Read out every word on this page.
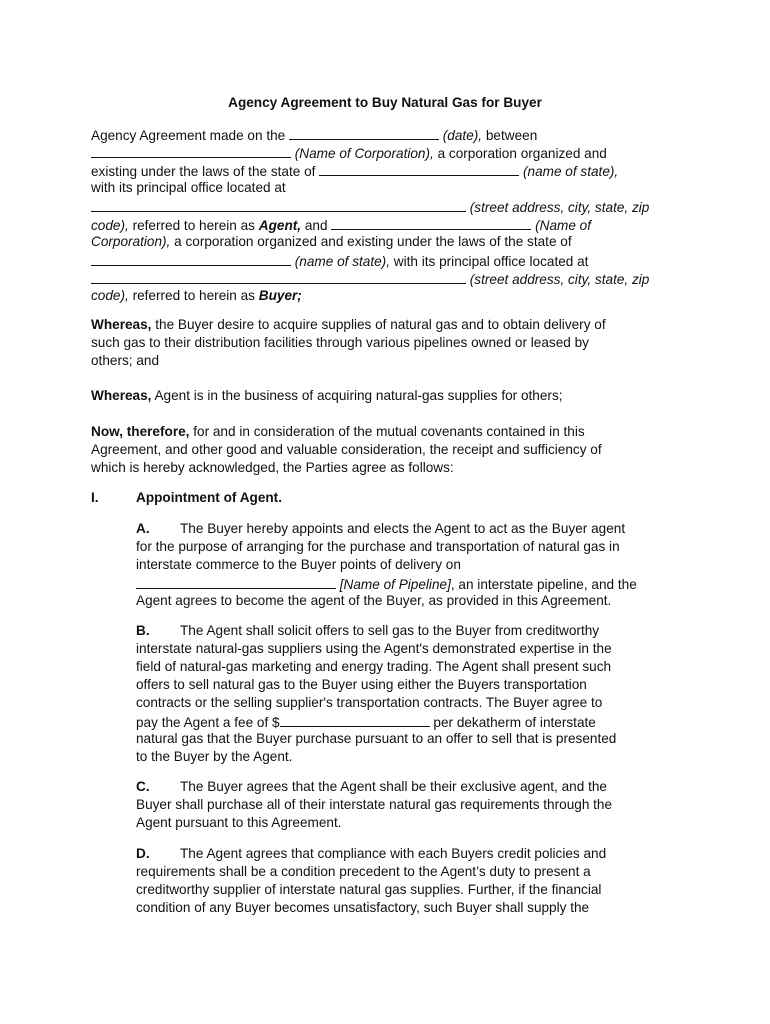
Agency Agreement to Buy Natural Gas for Buyer
Agency Agreement made on the	(date), between
(Name of Corporation), a corporation organized and
existing under the laws of the state of	(name of state),
with its principal office located at
(street address, city, state, zip
code), referred to herein as Agent, and	(Name of
Corporation), a corporation organized and existing under the laws of the state of
(name of state), with its principal office located at
(street address, city, state, zip
code), referred to herein as Buyer;
Whereas, the Buyer desire to acquire supplies of natural gas and to obtain delivery of
such gas to their distribution facilities through various pipelines owned or leased by
others; and
Whereas, Agent is in the business of acquiring natural-gas supplies for others;
Now, therefore, for and in consideration of the mutual covenants contained in this
Agreement, and other good and valuable consideration, the receipt and sufficiency of
which is hereby acknowledged, the Parties agree as follows:
I.	Appointment of Agent.
A. The Buyer hereby appoints and elects the Agent to act as the Buyer agent
for the purpose of arranging for the purchase and transportation of natural gas in
interstate commerce to the Buyer points of delivery on
[Name of Pipeline], an interstate pipeline, and the
Agent agrees to become the agent of the Buyer, as provided in this Agreement.
B. The Agent shall solicit offers to sell gas to the Buyer from creditworthy
interstate natural-gas suppliers using the Agent's demonstrated expertise in the
field of natural-gas marketing and energy trading. The Agent shall present such
offers to sell natural gas to the Buyer using either the Buyers transportation
contracts or the selling supplier's transportation contracts. The Buyer agree to
pay the Agent a fee of $	per dekatherm of interstate
natural gas that the Buyer purchase pursuant to an offer to sell that is presented
to the Buyer by the Agent.
C. The Buyer agrees that the Agent shall be their exclusive agent, and the
Buyer shall purchase all of their interstate natural gas requirements through the
Agent pursuant to this Agreement.
D. The Agent agrees that compliance with each Buyers credit policies and
requirements shall be a condition precedent to the Agent’s duty to present a
creditworthy supplier of interstate natural gas supplies. Further, if the financial
condition of any Buyer becomes unsatisfactory, such Buyer shall supply the
